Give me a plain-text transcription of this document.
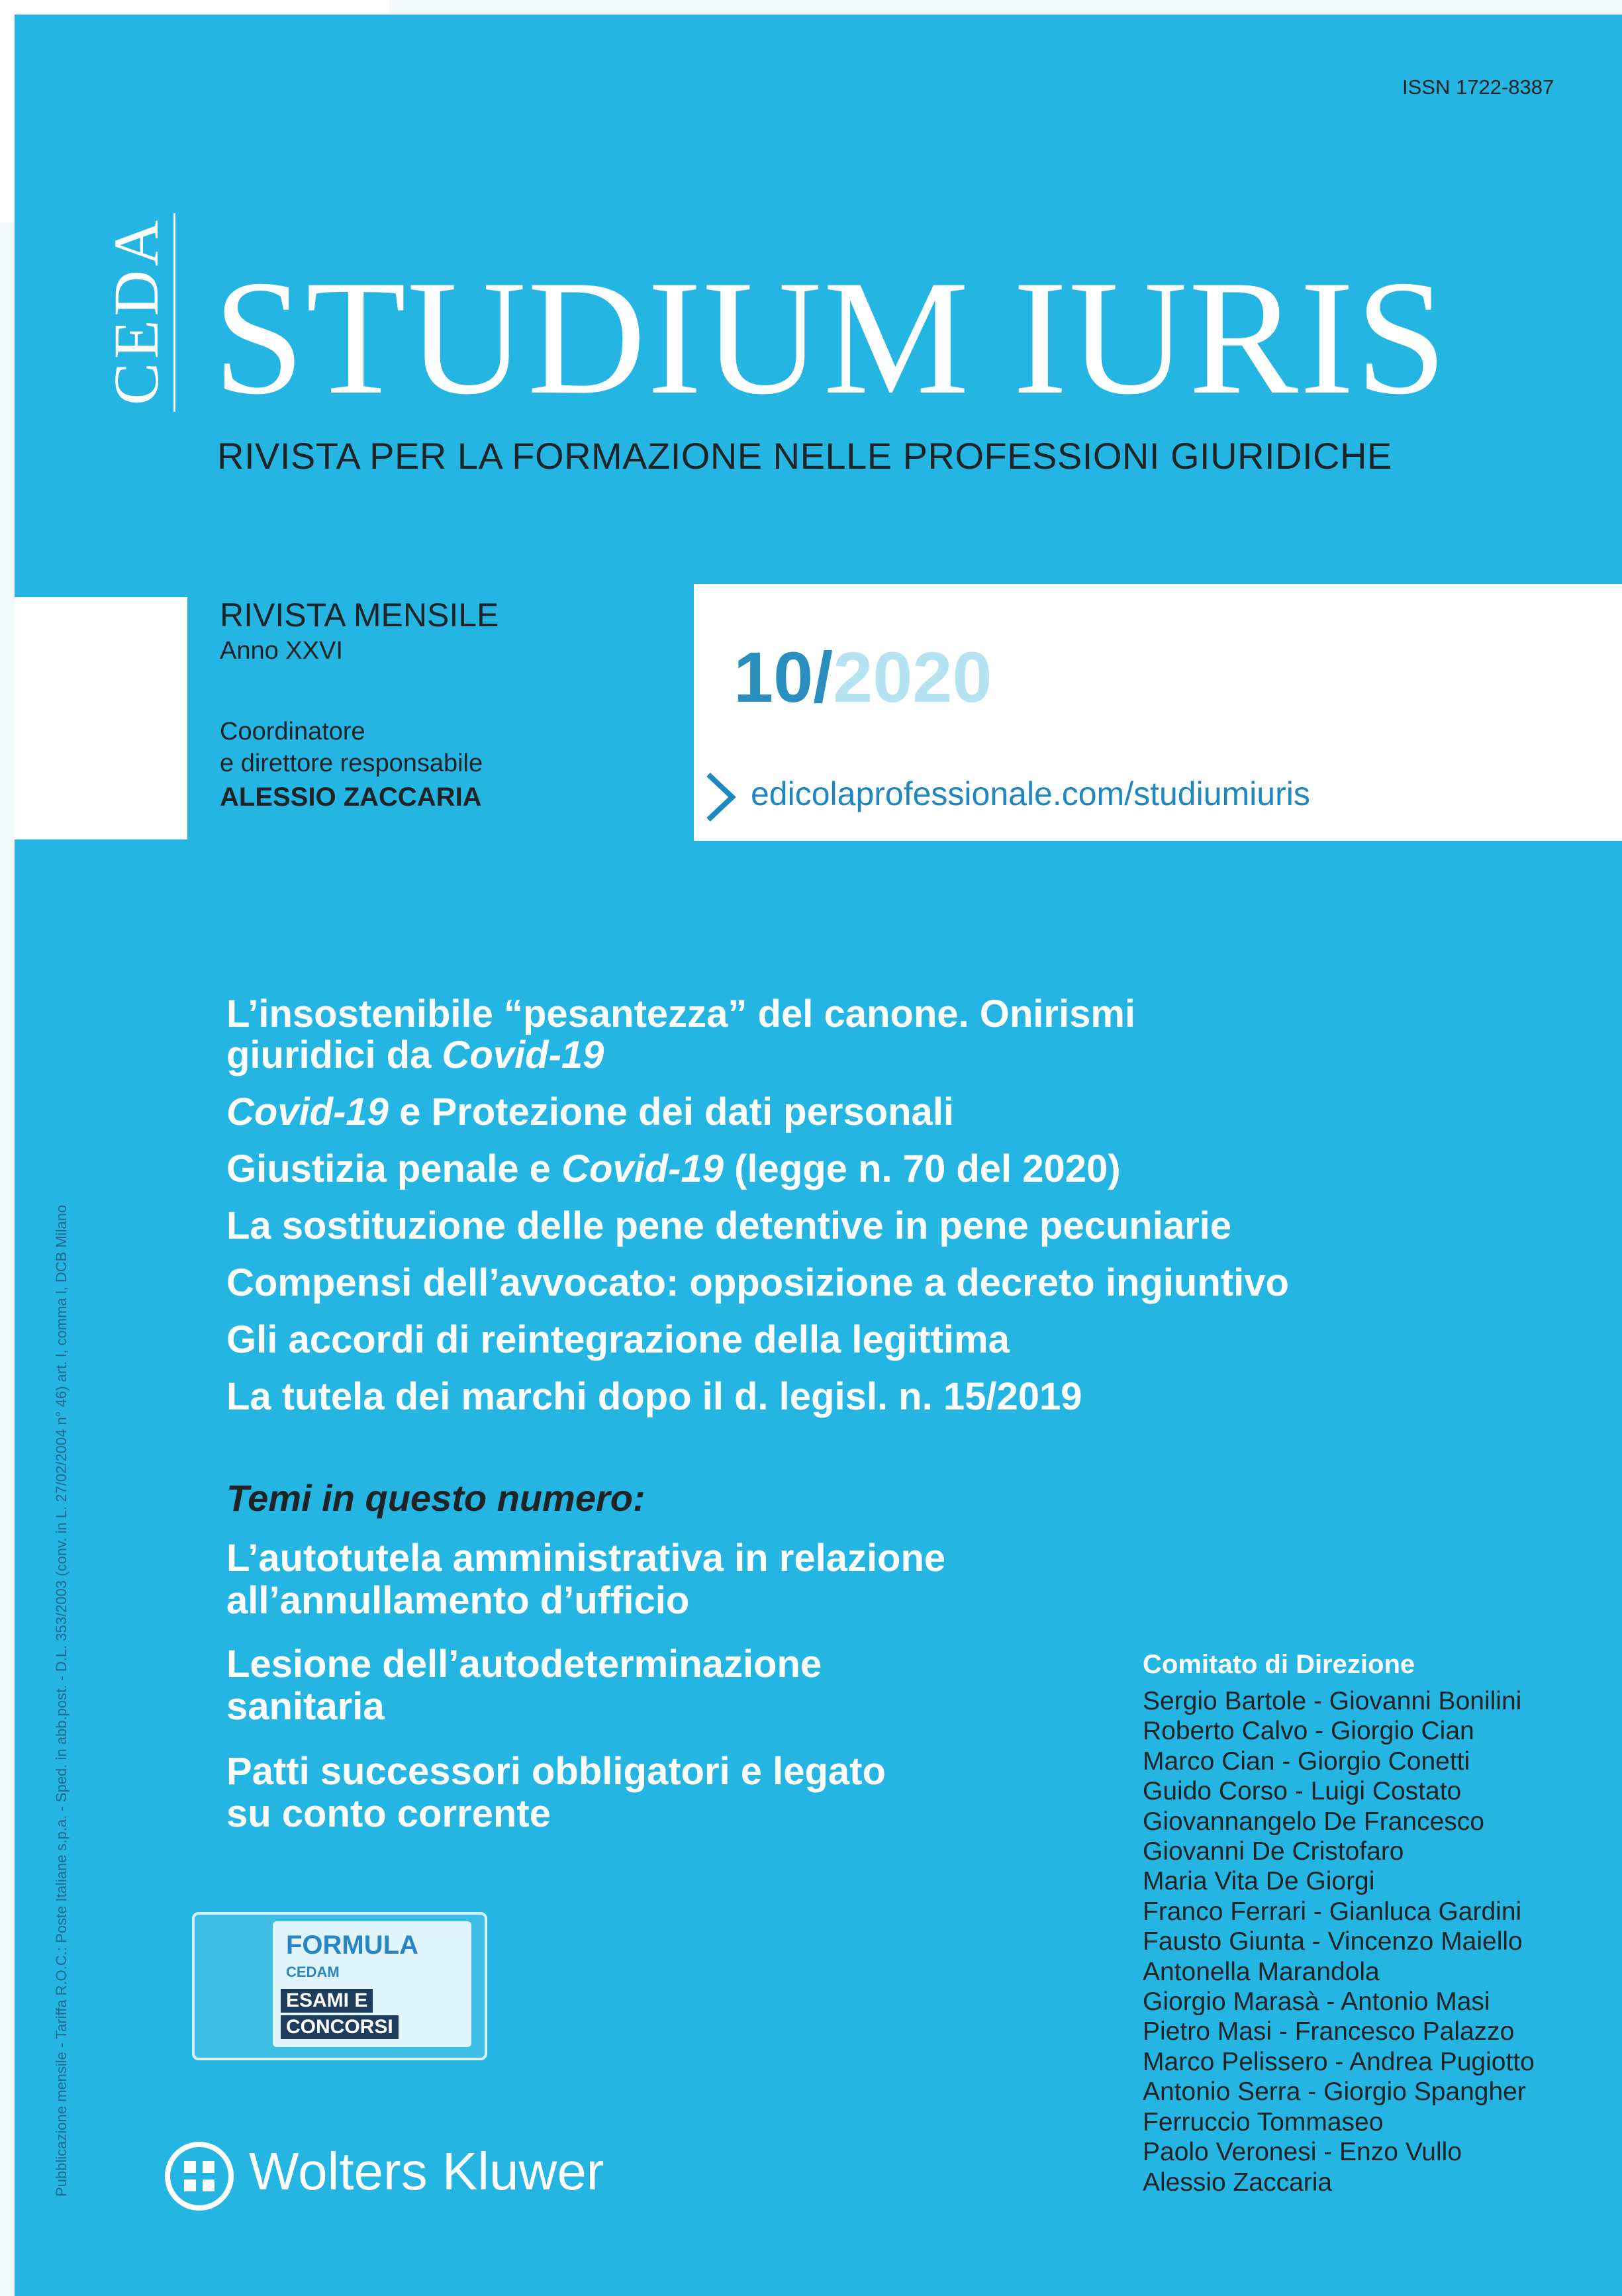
ISSN 1722-8387
CEDA STUDIUM IURIS
RIVISTA PER LA FORMAZIONE NELLE PROFESSIONI GIURIDICHE
RIVISTA MENSILE
Anno XXVI
Coordinatore
e direttore responsabile
ALESSIO ZACCARIA
10/2020
edicolaprofessionale.com/studiumiuris
L’insostenibile “pesantezza” del canone. Onirismi
giuridici da Covid-19
Covid-19 e Protezione dei dati personali
Giustizia penale e Covid-19 (legge n. 70 del 2020)
La sostituzione delle pene detentive in pene pecuniarie
Compensi dell’avvocato: opposizione a decreto ingiuntivo
Gli accordi di reintegrazione della legittima
La tutela dei marchi dopo il d. legisl. n. 15/2019
Temi in questo numero:
L’autotutela amministrativa in relazione
all’annullamento d’ufficio
Lesione dell’autodeterminazione
sanitaria
Patti successori obbligatori e legato
su conto corrente
Comitato di Direzione
Sergio Bartole - Giovanni Bonilini
Roberto Calvo - Giorgio Cian
Marco Cian - Giorgio Conetti
Guido Corso - Luigi Costato
Giovannangelo De Francesco
Giovanni De Cristofaro
Maria Vita De Giorgi
Franco Ferrari - Gianluca Gardini
Fausto Giunta - Vincenzo Maiello
Antonella Marandola
Giorgio Marasà - Antonio Masi
Pietro Masi - Francesco Palazzo
Marco Pelissero - Andrea Pugiotto
Antonio Serra - Giorgio Spangher
Ferruccio Tommaseo
Paolo Veronesi - Enzo Vullo
Alessio Zaccaria
Pubblicazione mensile - Tariffa R.O.C.: Poste Italiane s.p.a. - Sped. in abb.post. - D.L. 353/2003 (conv. in L. 27/02/2004 n° 46) art. l, comma l, DCB Milano	FORMULA
CEDAM
ESAMI E
CONCORSI
Wolters Kluwer
